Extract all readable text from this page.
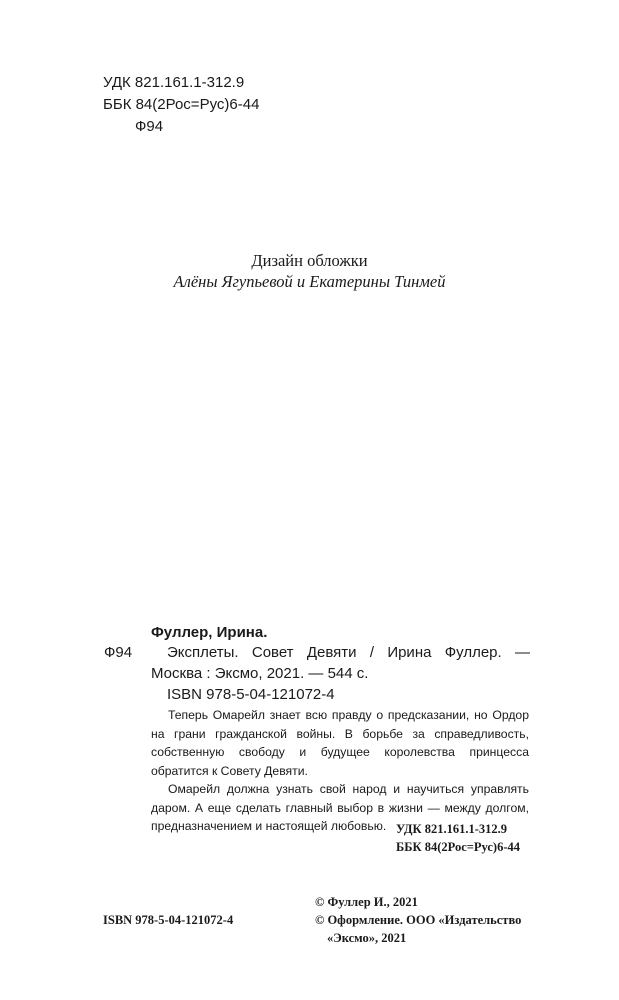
УДК 821.161.1-312.9
ББК 84(2Рос=Рус)6-44
Ф94
Дизайн обложки
Алёны Ягупьевой и Екатерины Тинмей
Фуллер, Ирина.
Ф94 Эксплеты. Совет Девяти / Ирина Фуллер. —
Москва : Эксмо, 2021. — 544 с.
ISBN 978-5-04-121072-4

Теперь Омарейл знает всю правду о предсказании, но Ордор на грани гражданской войны. В борьбе за справедливость, собственную свободу и будущее королевства принцесса обратится к Совету Девяти.

Омарейл должна узнать свой народ и научиться управлять даром. А еще сделать главный выбор в жизни — между долгом, предназначением и настоящей любовью. УДК 821.161.1-312.9
ББК 84(2Рос=Рус)6-44
ISBN 978-5-04-121072-4
© Фуллер И., 2021
© Оформление. ООО «Издательство
«Эксмо», 2021
